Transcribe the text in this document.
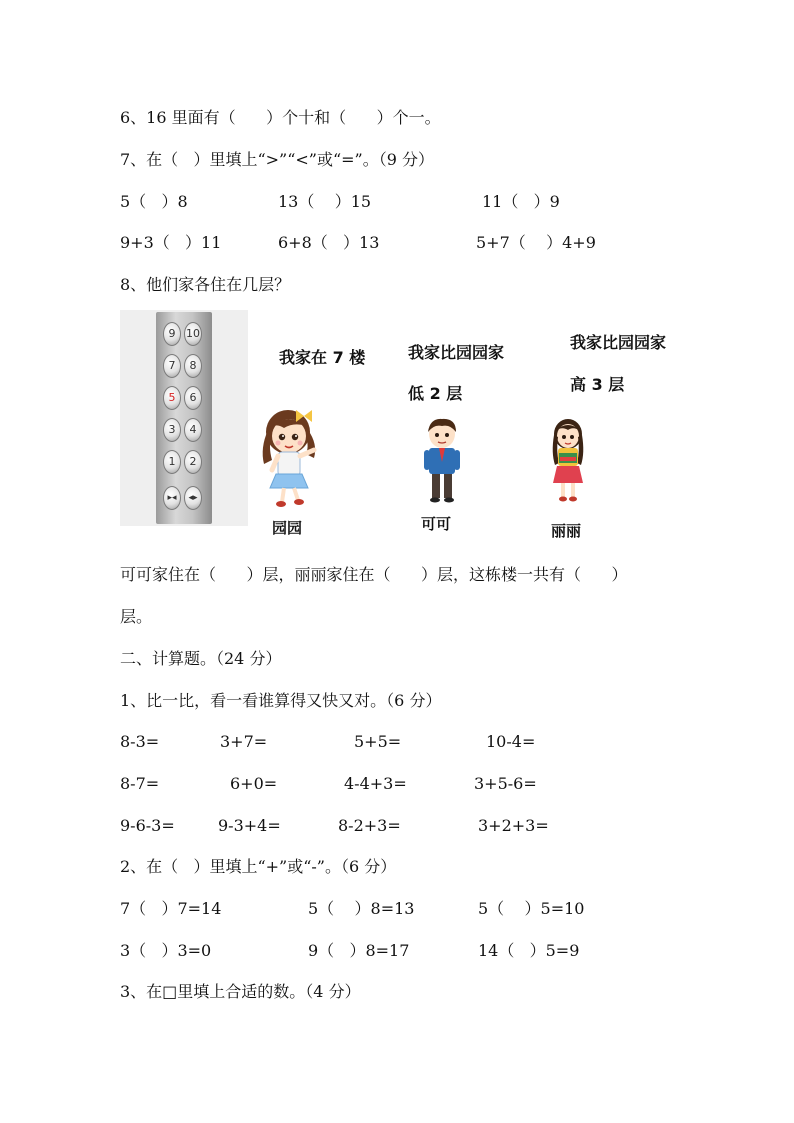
6、16 里面有（      ）个十和（      ）个一。
7、在（   ）里填上“>”“<”或“=”。（9 分）
5（   ）8	13（    ）15	11（   ）9
9+3（   ）11	6+8（   ）13	5+7（    ）4+9
8、他们家各住在几层？
9 10
7	8
5	6
3	4
1	2
▸◂	◂▸
我家在 7 楼	我家比园园家
低 2 层
我家比园园家
高 3 层
园园	可可	丽丽
可可家住在（      ）层，丽丽家住在（      ）层，这栋楼一共有（      ）
层。
二、计算题。（24 分）
1、比一比，看一看谁算得又快又对。（6 分）
8-3=	3+7=	5+5=	10-4=
8-7=	6+0=	4-4+3=	3+5-6=
9-6-3=	9-3+4=	8-2+3=	3+2+3=
2、在（   ）里填上“+”或“-”。（6 分）
7（   ）7=14	5（    ）8=13	5（    ）5=10
3（   ）3=0	9（   ）8=17	14（   ）5=9
3、在□里填上合适的数。（4 分）
